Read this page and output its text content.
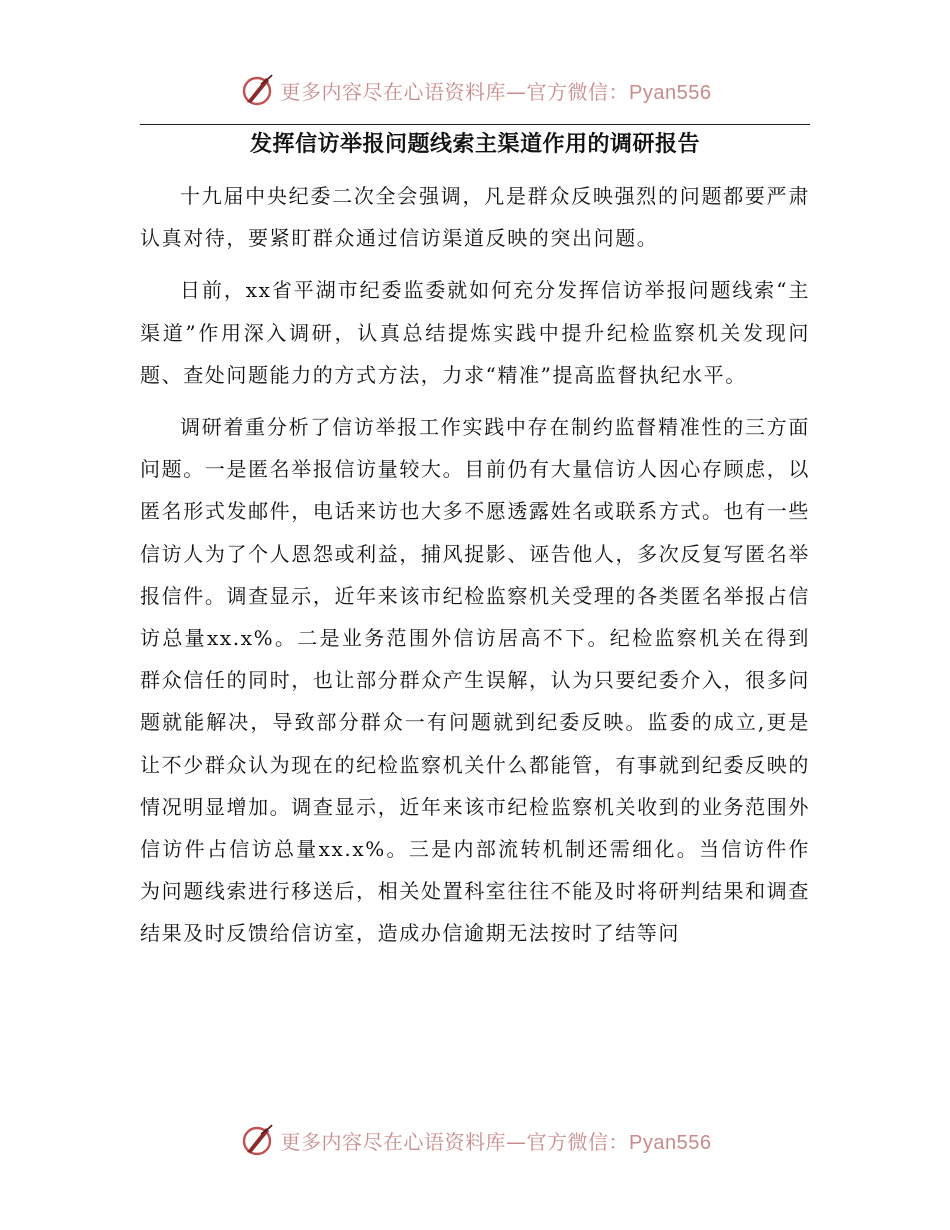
更多内容尽在心语资料库—官方微信：Pyan556
发挥信访举报问题线索主渠道作用的调研报告

十九届中央纪委二次全会强调，凡是群众反映强烈的问题都要严肃认真对待，要紧盯群众通过信访渠道反映的突出问题。

日前，xx省平湖市纪委监委就如何充分发挥信访举报问题线索“主渠道”作用深入调研，认真总结提炼实践中提升纪检监察机关发现问题、查处问题能力的方式方法，力求“精准”提高监督执纪水平。

调研着重分析了信访举报工作实践中存在制约监督精准性的三方面问题。一是匿名举报信访量较大。目前仍有大量信访人因心存顾虑，以匿名形式发邮件，电话来访也大多不愿透露姓名或联系方式。也有一些信访人为了个人恩怨或利益，捕风捉影、诬告他人，多次反复写匿名举报信件。调查显示，近年来该市纪检监察机关受理的各类匿名举报占信访总量xx.x%。二是业务范围外信访居高不下。纪检监察机关在得到群众信任的同时，也让部分群众产生误解，认为只要纪委介入，很多问题就能解决，导致部分群众一有问题就到纪委反映。监委的成立,更是让不少群众认为现在的纪检监察机关什么都能管，有事就到纪委反映的情况明显增加。调查显示，近年来该市纪检监察机关收到的业务范围外信访件占信访总量xx.x%。三是内部流转机制还需细化。当信访件作为问题线索进行移送后，相关处置科室往往不能及时将研判结果和调查结果及时反馈给信访室，造成办信逾期无法按时了结等问

更多内容尽在心语资料库—官方微信：Pyan556
